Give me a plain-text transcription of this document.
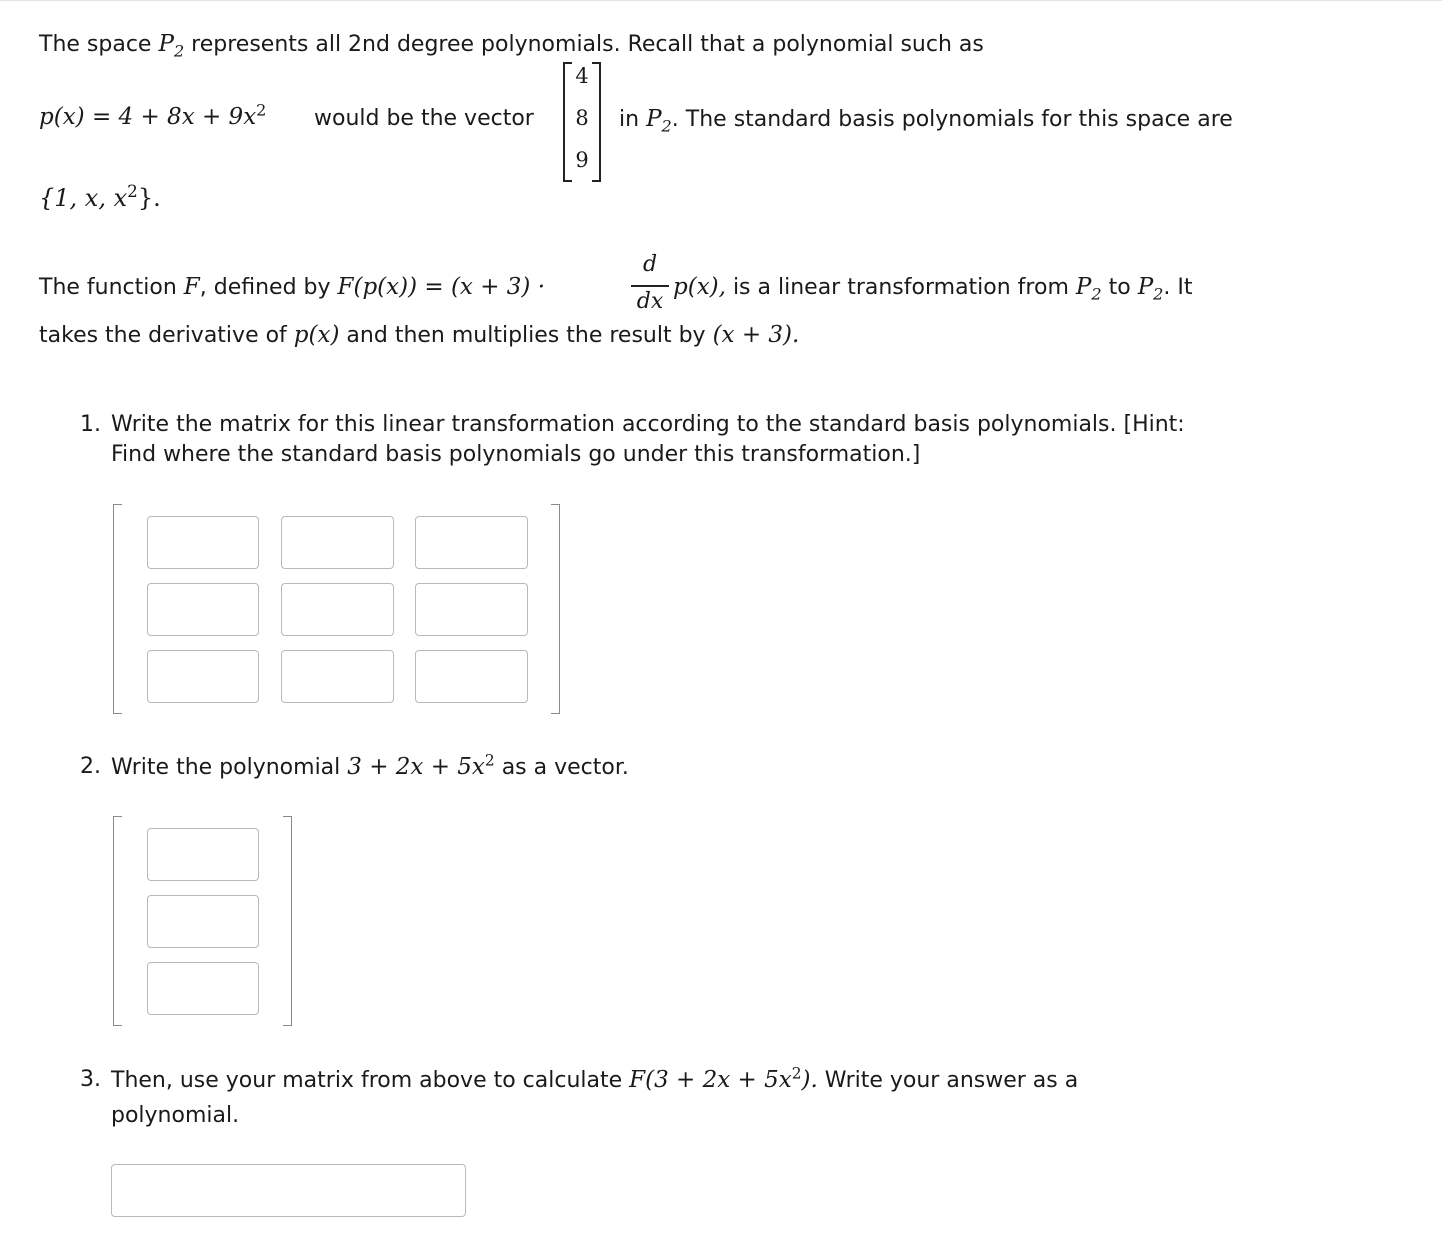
The space $P_2$ represents all 2nd degree polynomials. Recall that a polynomial such as
$p(x) = 4 + 8x + 9x^2$ would be the vector
4
8
9
in $P_2$. The standard basis polynomials for this space are
{1, x, $x^2$}.
The function F, defined by F(p(x)) = (x + 3) ·
d
dx
p(x), is a linear transformation from $P_2$ to $P_2$. It
takes the derivative of p(x) and then multiplies the result by (x + 3).
1. Write the matrix for this linear transformation according to the standard basis polynomials. [Hint:
Find where the standard basis polynomials go under this transformation.]
2. Write the polynomial $3 + 2x + 5x^2$ as a vector.
3. Then, use your matrix from above to calculate $F(3 + 2x + 5x^2)$. Write your answer as a
polynomial.
